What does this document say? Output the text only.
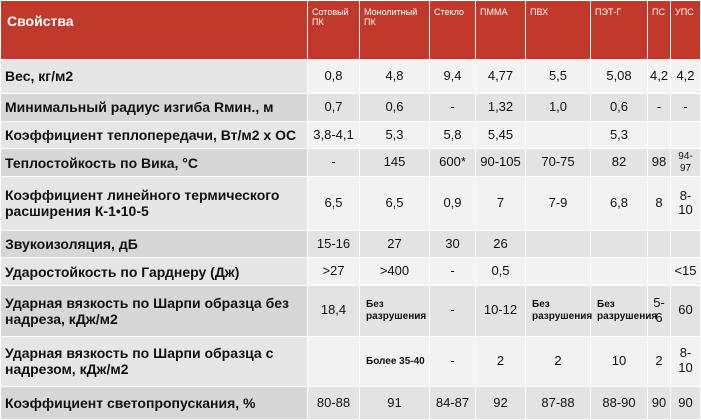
Свойства	Сотовый ПК	Монолитный ПК	Стекло	ПММА	ПВХ	ПЭТ-Г	ПС	УПС
Вес, кг/м2	0,8	4,8	9,4	4,77	5,5	5,08	4,2	4,2
Минимальный радиус изгиба Rмин., м	0,7	0,6	-	1,32	1,0	0,6	-	-
Коэффициент теплопередачи, Вт/м2 х ОС	3,8-4,1	5,3	5,8	5,45		5,3		
Теплостойкость по Вика, °С	-	145	600*	90-105	70-75	82	98	94-97
Коэффициент линейного термического расширения К-1•10-5	6,5	6,5	0,9	7	7-9	6,8	8	8-10
Звукоизоляция, дБ	15-16	27	30	26				
Ударостойкость по Гарднеру (Дж)	>27	>400	-	0,5				<15
Ударная вязкость по Шарпи образца без надреза, кДж/м2	18,4	Без разрушения	-	10-12	Без разрушения	Без разрушения	5-6	60
Ударная вязкость по Шарпи образца с надрезом, кДж/м2		Более 35-40	-	2	2	10	2	8-10
Коэффициент светопропускания, %	80-88	91	84-87	92	87-88	88-90	90	90
